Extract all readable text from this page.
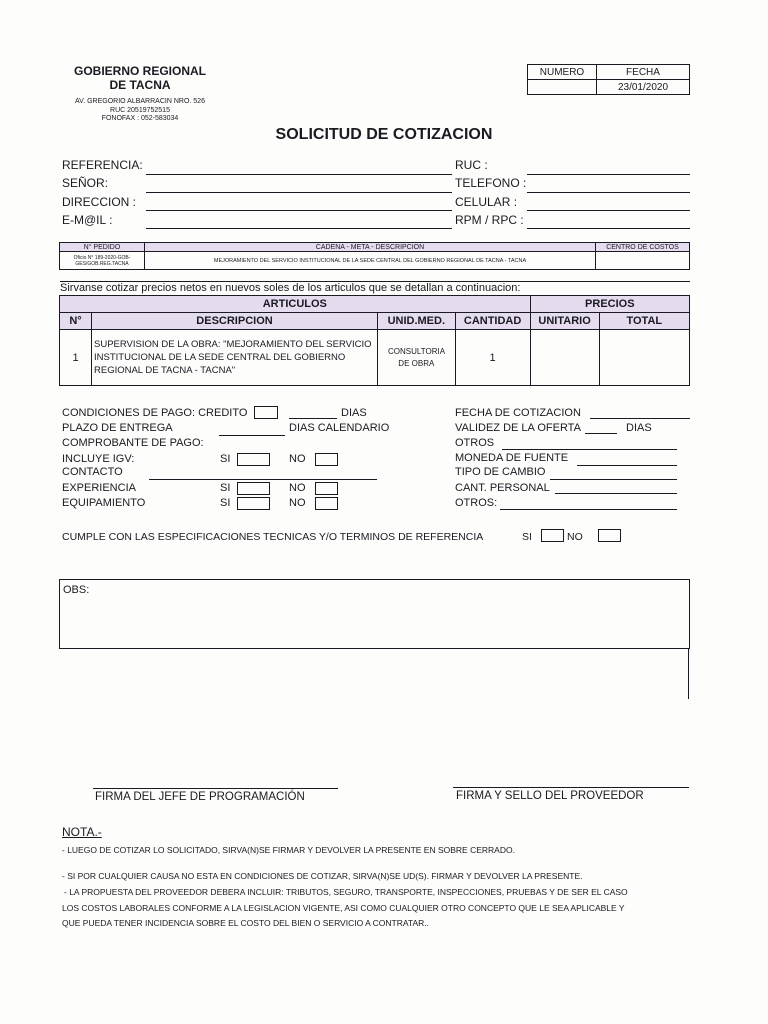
GOBIERNO REGIONAL
DE TACNA
AV. GREGORIO ALBARRACIN NRO. 526
RUC 20519752515
FONOFAX : 052-583034
NUMERO	FECHA
	23/01/2020
SOLICITUD DE COTIZACION
REFERENCIA:
SEÑOR:
DIRECCION :
E-M@IL :
RUC :
TELEFONO :
CELULAR :
RPM / RPC :
N° PEDIDO	CADENA - META - DESCRIPCION	CENTRO DE COSTOS
Oficio N° 189-2020-GOB-GES/GOB.REG.TACNA	MEJORAMIENTO DEL SERVICIO INSTITUCIONAL DE LA SEDE CENTRAL DEL GOBIERNO REGIONAL DE TACNA - TACNA	
Sirvanse cotizar precios netos en nuevos soles de los articulos que se detallan a continuacion:
ARTICULOS				PRECIOS	
N°	DESCRIPCION	UNID.MED.	CANTIDAD	UNITARIO	TOTAL
1	SUPERVISION DE LA OBRA: "MEJORAMIENTO DEL SERVICIO INSTITUCIONAL DE LA SEDE CENTRAL DEL GOBIERNO REGIONAL DE TACNA - TACNA"	CONSULTORIA DE OBRA	1		
CONDICIONES DE PAGO: CREDITO	DIAS
PLAZO DE ENTREGA	DIAS CALENDARIO
COMPROBANTE DE PAGO:
INCLUYE IGV:	SI	NO
CONTACTO
EXPERIENCIA	SI	NO
EQUIPAMIENTO	SI	NO
FECHA DE COTIZACION
VALIDEZ DE LA OFERTA	DIAS
OTROS
MONEDA DE FUENTE
TIPO DE CAMBIO
CANT. PERSONAL
OTROS:
CUMPLE CON LAS ESPECIFICACIONES TECNICAS Y/O TERMINOS DE REFERENCIA	SI	NO
OBS:
FIRMA DEL JEFE DE PROGRAMACIÓN	FIRMA Y SELLO DEL PROVEEDOR
NOTA.-
- LUEGO DE COTIZAR LO SOLICITADO, SIRVA(N)SE FIRMAR Y DEVOLVER LA PRESENTE EN SOBRE CERRADO.
- SI POR CUALQUIER CAUSA NO ESTA EN CONDICIONES DE COTIZAR, SIRVA(N)SE UD(S). FIRMAR Y DEVOLVER LA PRESENTE.
- LA PROPUESTA DEL PROVEEDOR DEBERA INCLUIR: TRIBUTOS, SEGURO, TRANSPORTE, INSPECCIONES, PRUEBAS Y DE SER EL CASO
LOS COSTOS LABORALES CONFORME A LA LEGISLACION VIGENTE, ASI COMO CUALQUIER OTRO CONCEPTO QUE LE SEA APLICABLE Y
QUE PUEDA TENER INCIDENCIA SOBRE EL COSTO DEL BIEN O SERVICIO A CONTRATAR..
